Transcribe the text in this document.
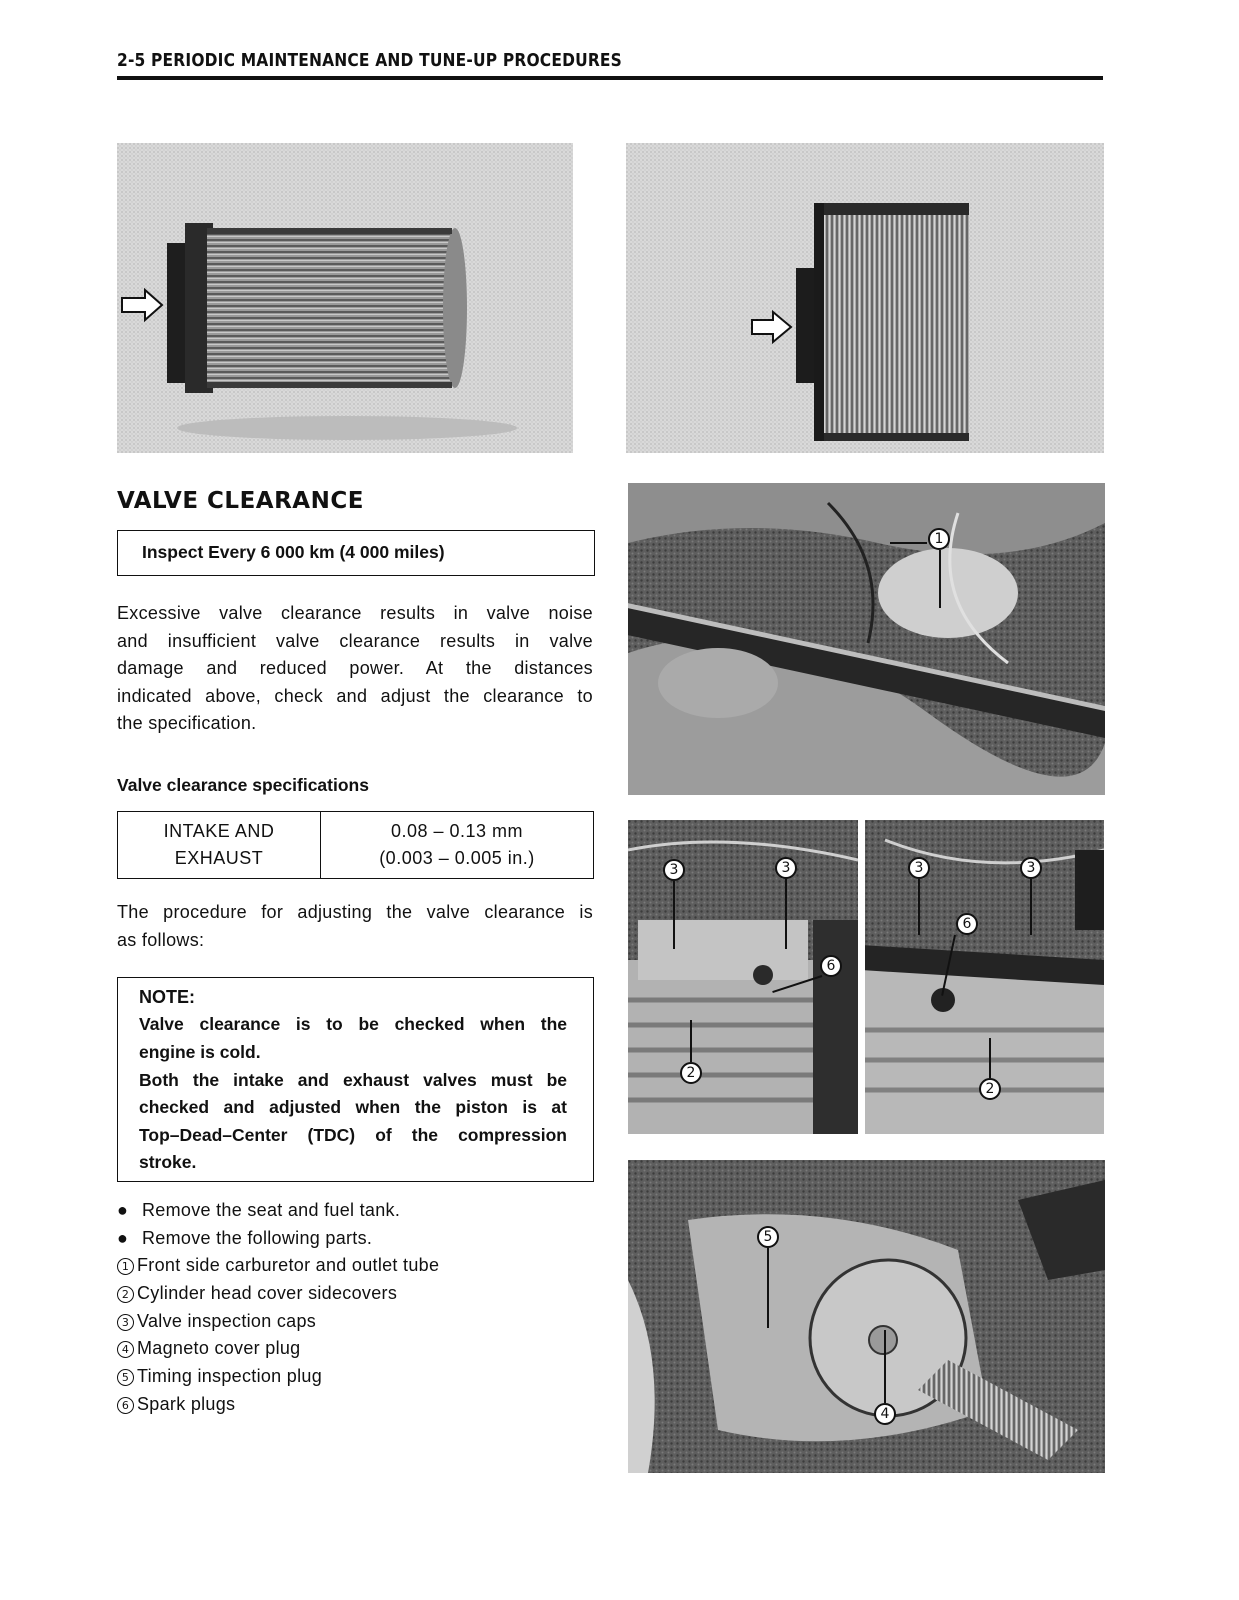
2-5 PERIODIC MAINTENANCE AND TUNE-UP PROCEDURES
VALVE CLEARANCE
Inspect Every 6 000 km (4 000 miles)
Excessive valve clearance results in valve noise
and insufficient valve clearance results in valve
damage and reduced power. At the distances
indicated above, check and adjust the clearance to
the specification.
Valve clearance specifications
INTAKE AND
EXHAUST
0.08 – 0.13 mm
(0.003 – 0.005 in.)
The procedure for adjusting the valve clearance is
as follows:
NOTE:
Valve clearance is to be checked when the
engine is cold.
Both the intake and exhaust valves must be
checked and adjusted when the piston is at
Top–Dead–Center (TDC) of the compression
stroke.
● Remove the seat and fuel tank.
● Remove the following parts.
1 Front side carburetor and outlet tube
2 Cylinder head cover sidecovers
3 Valve inspection caps
4 Magneto cover plug
5 Timing inspection plug
6 Spark plugs
1
3	3
6
2
3	3
6
2
5
4
